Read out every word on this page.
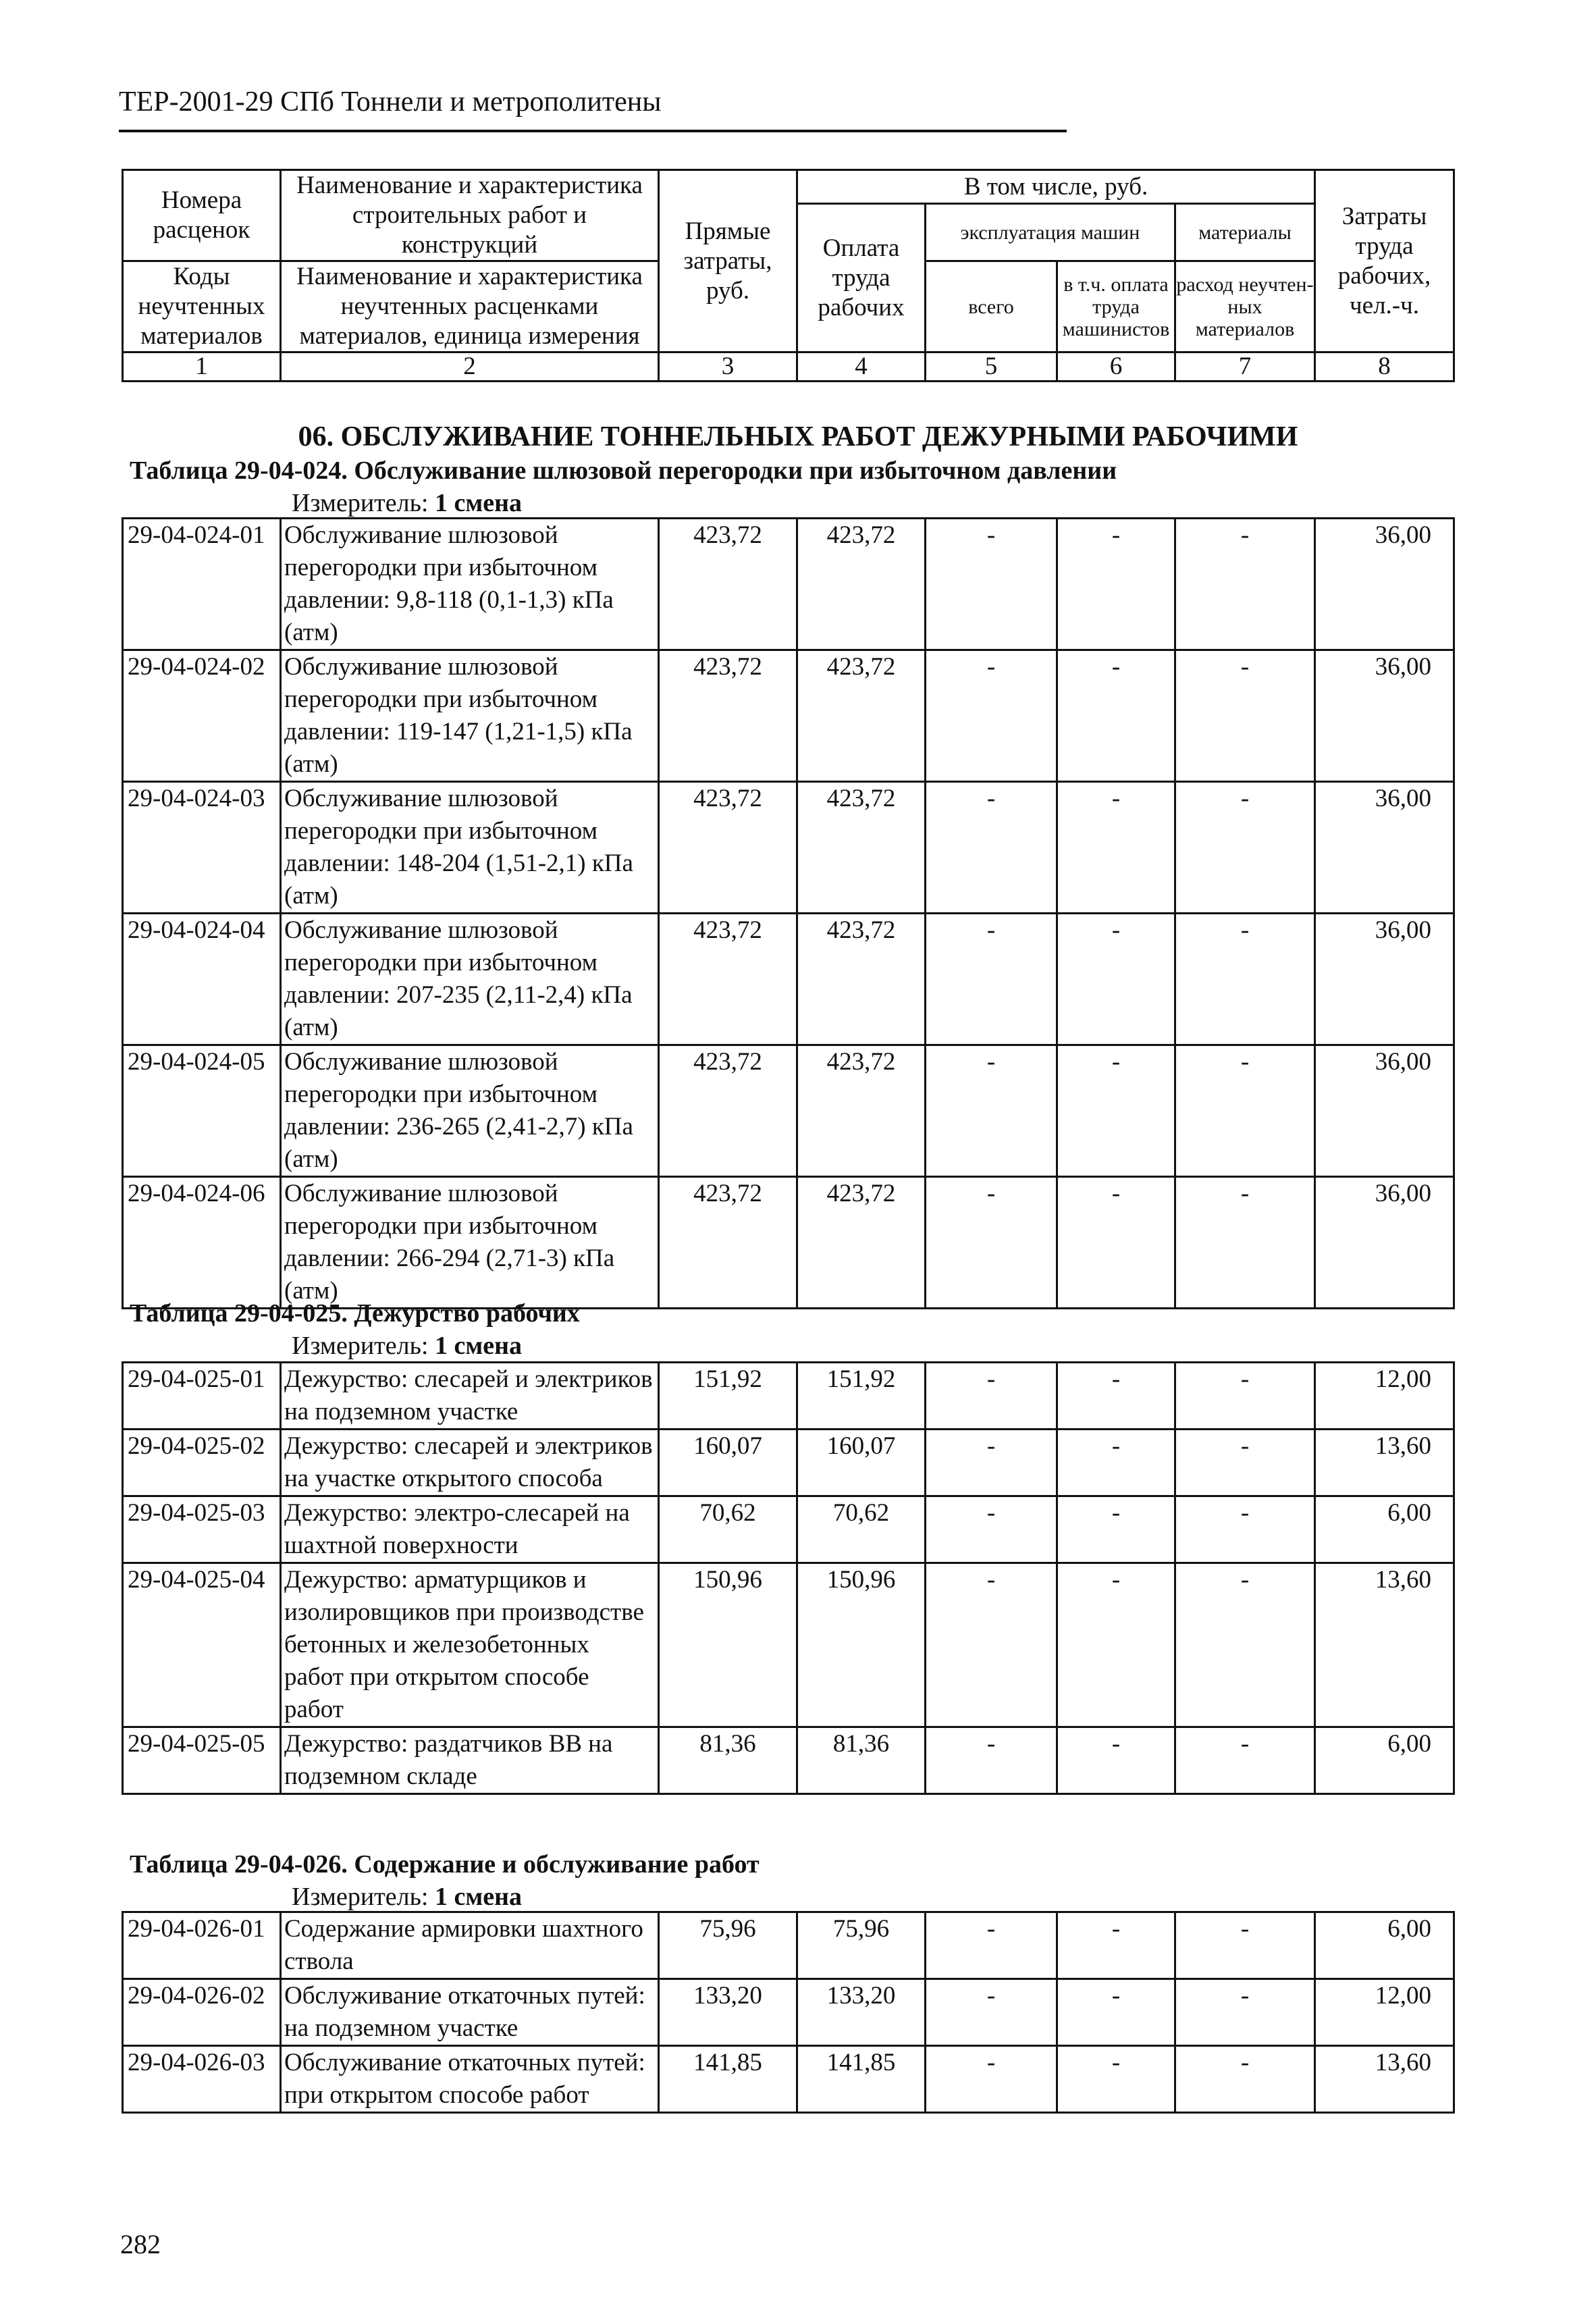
ТЕР-2001-29 СПб Тоннели и метрополитены
Номера расценок	Наименование и характеристика строительных работ и конструкций	Прямые затраты, руб.	В том числе, руб.				Затраты труда рабочих, чел.-ч.
			Оплата труда рабочих	эксплуатация машин		материалы	
Коды неучтенных материалов	Наименование и характеристика неучтенных расценками материалов, единица измерения			всего	в т.ч. оплата труда машинистов	расход неучтен-ных материалов	

1	2	3	4	5	6	7	8
06. ОБСЛУЖИВАНИЕ ТОННЕЛЬНЫХ РАБОТ ДЕЖУРНЫМИ РАБОЧИМИ
Таблица 29-04-024. Обслуживание шлюзовой перегородки при избыточном давлении
Измеритель: 1 смена
29-04-024-01	Обслуживание шлюзовой перегородки при избыточном давлении: 9,8-118 (0,1-1,3) кПа (атм)	423,72	423,72	-	-	-	36,00
29-04-024-02	Обслуживание шлюзовой перегородки при избыточном давлении: 119-147 (1,21-1,5) кПа (атм)	423,72	423,72	-	-	-	36,00
29-04-024-03	Обслуживание шлюзовой перегородки при избыточном давлении: 148-204 (1,51-2,1) кПа (атм)	423,72	423,72	-	-	-	36,00
29-04-024-04	Обслуживание шлюзовой перегородки при избыточном давлении: 207-235 (2,11-2,4) кПа (атм)	423,72	423,72	-	-	-	36,00
29-04-024-05	Обслуживание шлюзовой перегородки при избыточном давлении: 236-265 (2,41-2,7) кПа (атм)	423,72	423,72	-	-	-	36,00
29-04-024-06	Обслуживание шлюзовой перегородки при избыточном давлении: 266-294 (2,71-3) кПа (атм)	423,72	423,72	-	-	-	36,00
Таблица 29-04-025. Дежурство рабочих
Измеритель: 1 смена
29-04-025-01	Дежурство: слесарей и электриков на подземном участке	151,92	151,92	-	-	-	12,00
29-04-025-02	Дежурство: слесарей и электриков на участке открытого способа	160,07	160,07	-	-	-	13,60
29-04-025-03	Дежурство: электро-слесарей на шахтной поверхности	70,62	70,62	-	-	-	6,00
29-04-025-04	Дежурство: арматурщиков и изолировщиков при производстве бетонных и железобетонных работ при открытом способе работ	150,96	150,96	-	-	-	13,60
29-04-025-05	Дежурство: раздатчиков ВВ на подземном складе	81,36	81,36	-	-	-	6,00
Таблица 29-04-026. Содержание и обслуживание работ
Измеритель: 1 смена
29-04-026-01	Содержание армировки шахтного ствола	75,96	75,96	-	-	-	6,00
29-04-026-02	Обслуживание откаточных путей: на подземном участке	133,20	133,20	-	-	-	12,00
29-04-026-03	Обслуживание откаточных путей: при открытом способе работ	141,85	141,85	-	-	-	13,60
282
